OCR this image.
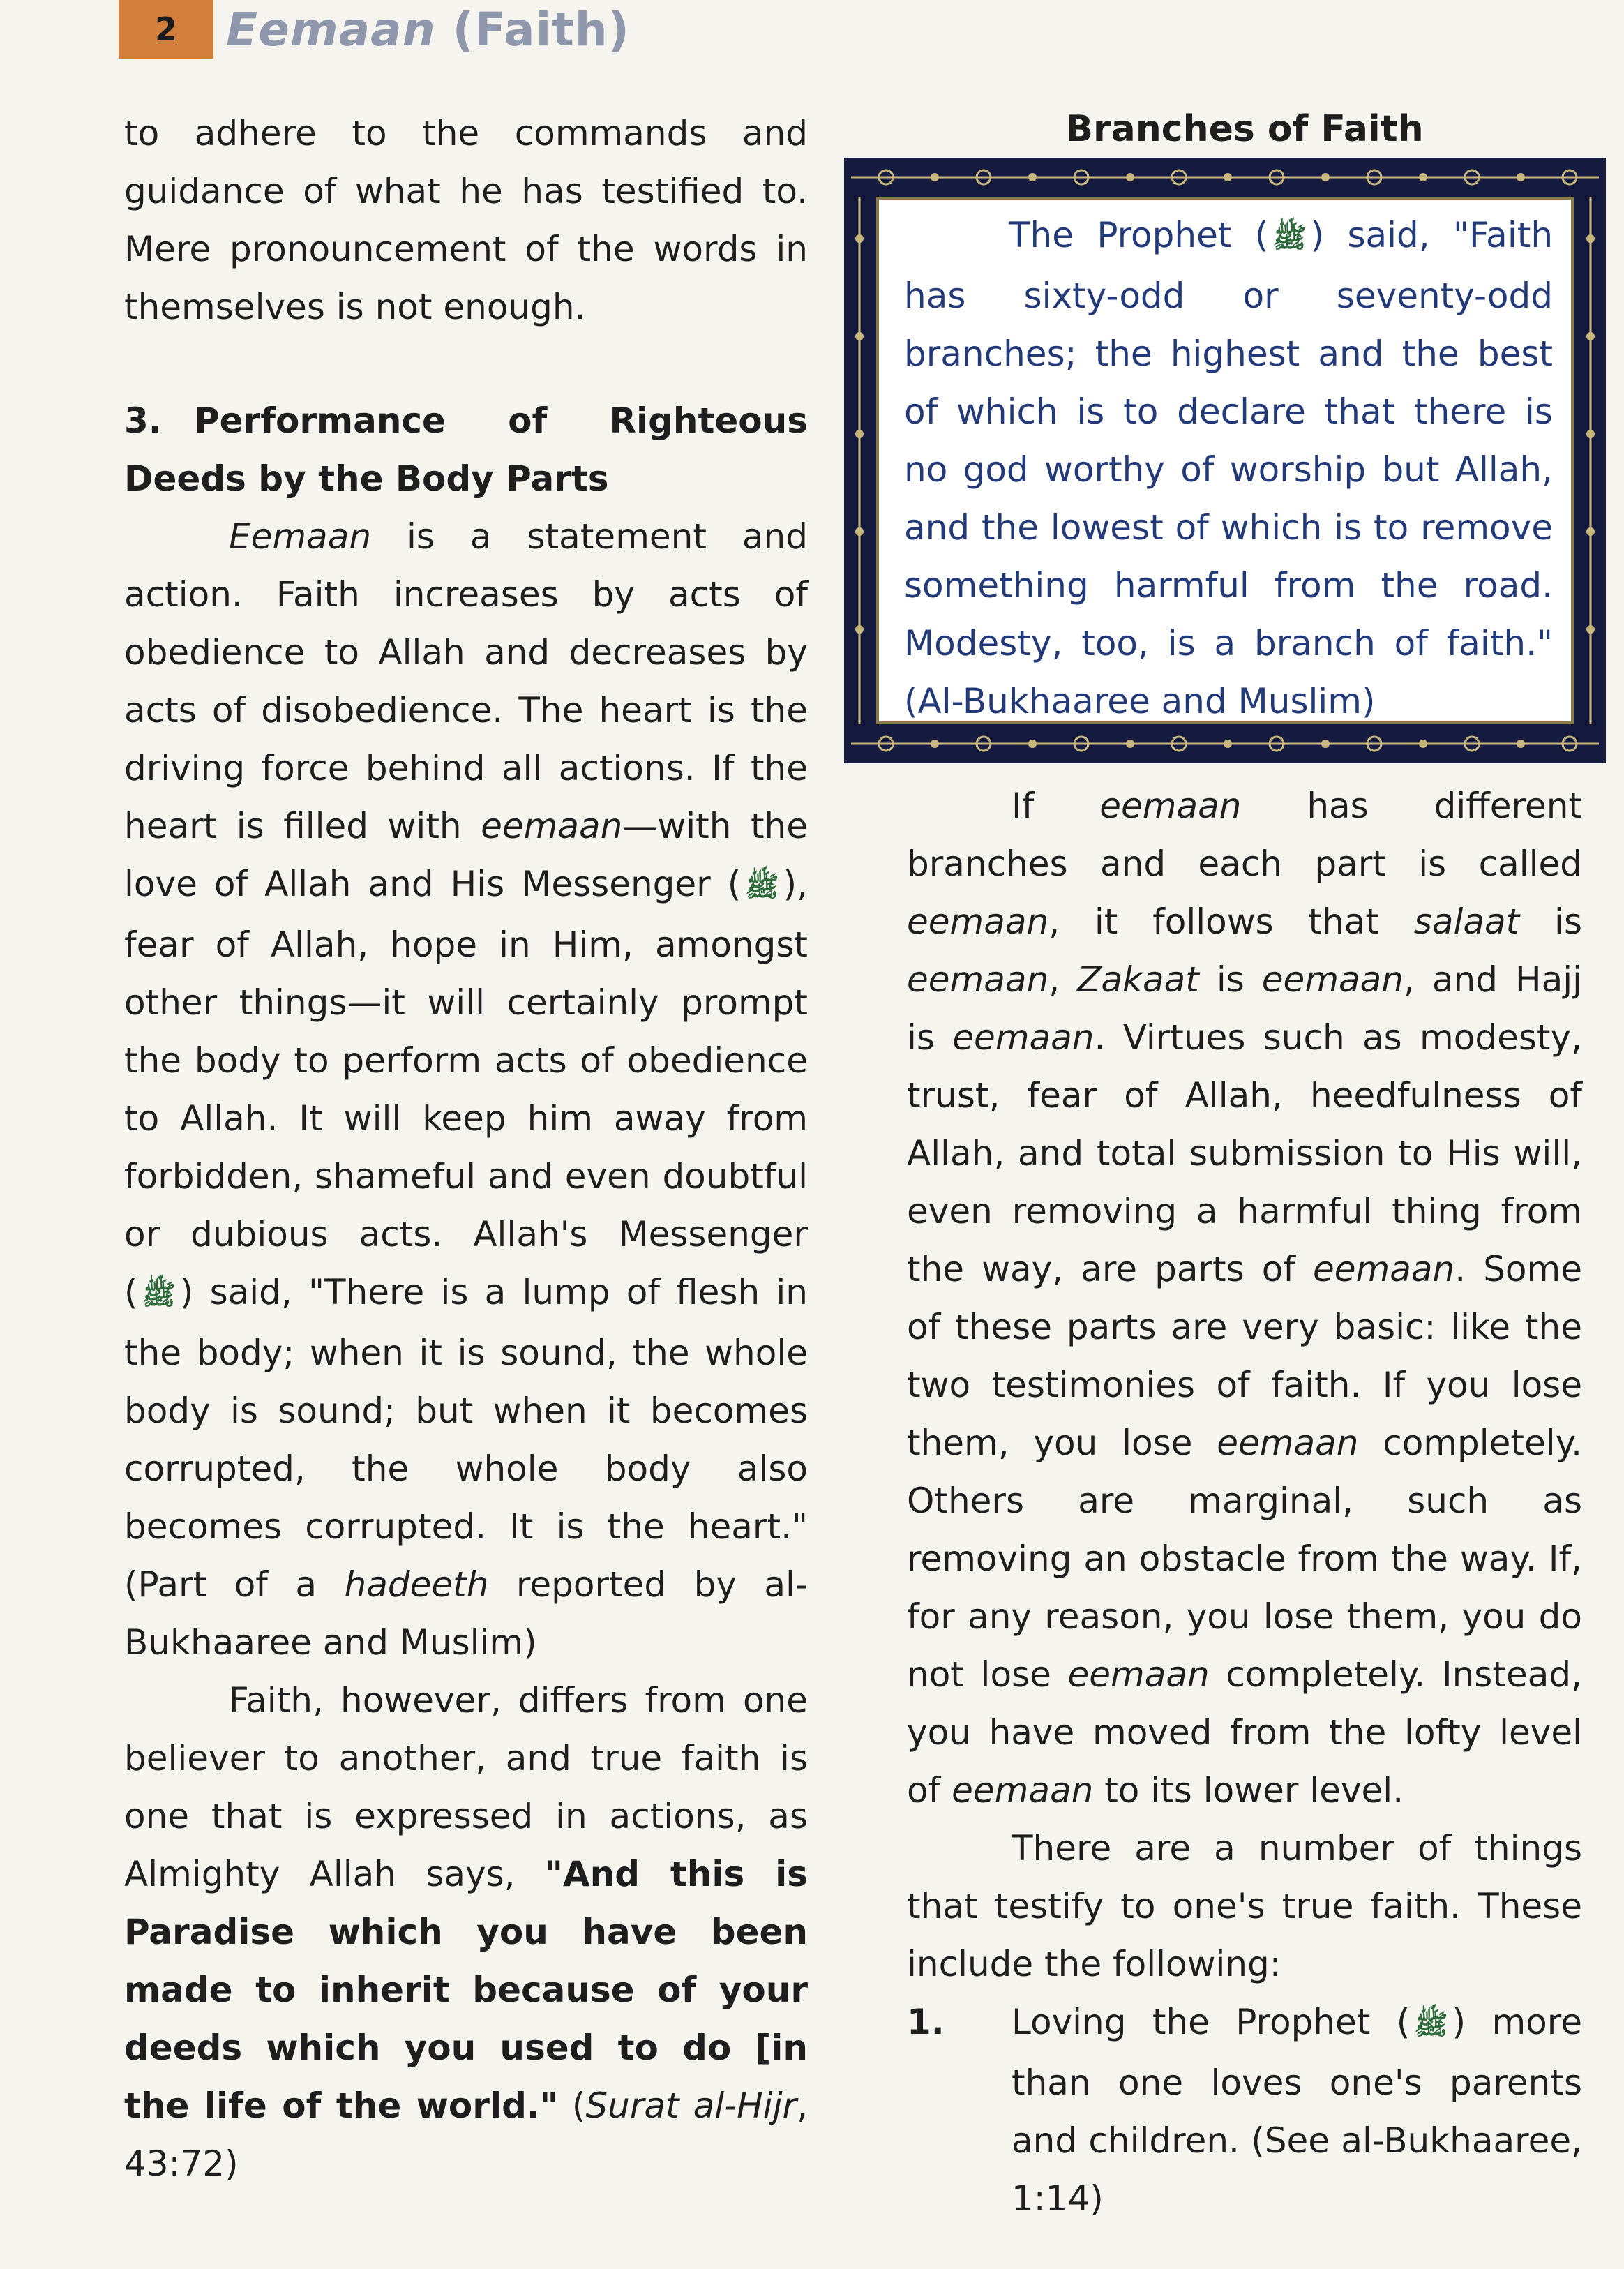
2	Eemaan (Faith)

to adhere to the commands and guidance of what he has testified to. Mere pronouncement of the words in themselves is not enough.

3. Performance of Righteous Deeds by the Body Parts

Eemaan is a statement and action. Faith increases by acts of obedience to Allah and decreases by acts of disobedience. The heart is the driving force behind all actions. If the heart is filled with eemaan—with the love of Allah and His Messenger ( ﷺ ), fear of Allah, hope in Him, amongst other things—it will certainly prompt the body to perform acts of obedience to Allah. It will keep him away from forbidden, shameful and even doubtful or dubious acts. Allah's Messenger ( ﷺ ) said, "There is a lump of flesh in the body; when it is sound, the whole body is sound; but when it becomes corrupted, the whole body also becomes corrupted. It is the heart." (Part of a hadeeth reported by al-Bukhaaree and Muslim)

Faith, however, differs from one believer to another, and true faith is one that is expressed in actions, as Almighty Allah says, "And this is Paradise which you have been made to inherit because of your deeds which you used to do [in the life of the world." (Surat al-Hijr, 43:72)

Branches of Faith

The Prophet ( ﷺ ) said, "Faith has sixty-odd or seventy-odd branches; the highest and the best of which is to declare that there is no god worthy of worship but Allah, and the lowest of which is to remove something harmful from the road. Modesty, too, is a branch of faith." (Al-Bukhaaree and Muslim)

If eemaan has different branches and each part is called eemaan, it follows that salaat is eemaan, Zakaat is eemaan, and Hajj is eemaan. Virtues such as modesty, trust, fear of Allah, heedfulness of Allah, and total submission to His will, even removing a harmful thing from the way, are parts of eemaan. Some of these parts are very basic: like the two testimonies of faith. If you lose them, you lose eemaan completely. Others are marginal, such as removing an obstacle from the way. If, for any reason, you lose them, you do not lose eemaan completely. Instead, you have moved from the lofty level of eemaan to its lower level.

There are a number of things that testify to one's true faith. These include the following:

1.	Loving the Prophet ( ﷺ ) more than one loves one's parents and children. (See al-Bukhaaree, 1:14)
